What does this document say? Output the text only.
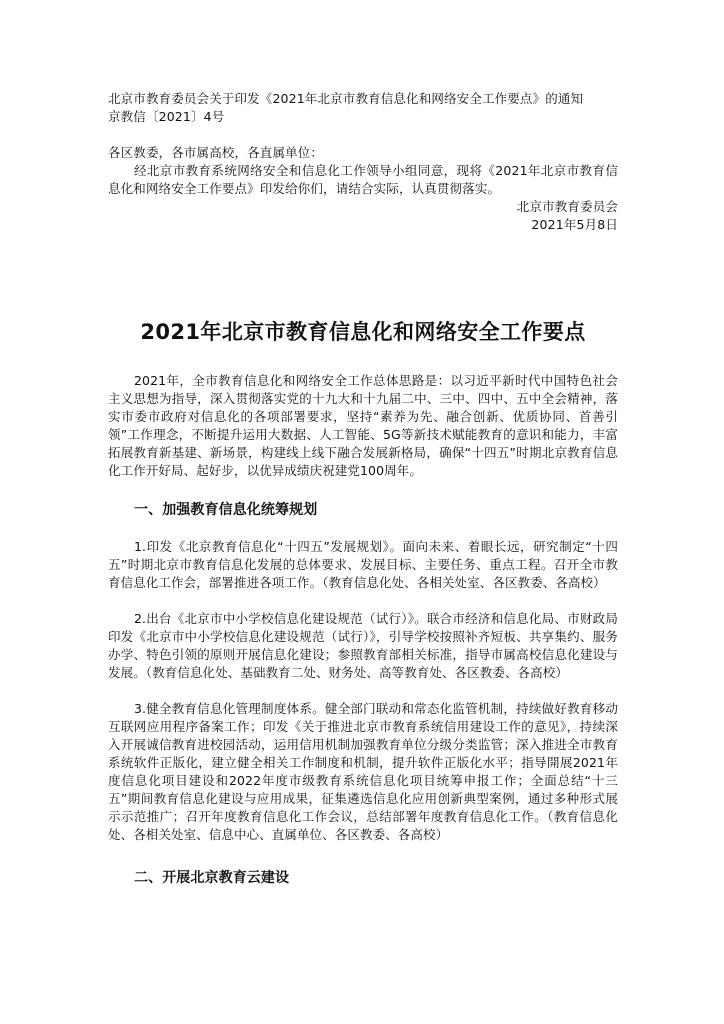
北京市教育委员会关于印发《2021年北京市教育信息化和网络安全工作要点》的通知
京教信〔2021〕4号
各区教委，各市属高校，各直属单位：
经北京市教育系统网络安全和信息化工作领导小组同意，现将《2021年北京市教育信息化和网络安全工作要点》印发给你们，请结合实际，认真贯彻落实。
北京市教育委员会
2021年5月8日
2021年北京市教育信息化和网络安全工作要点

2021年，全市教育信息化和网络安全工作总体思路是：以习近平新时代中国特色社会主义思想为指导，深入贯彻落实党的十九大和十九届二中、三中、四中、五中全会精神，落实市委市政府对信息化的各项部署要求，坚持“素养为先、融合创新、优质协同、首善引领”工作理念，不断提升运用大数据、人工智能、5G等新技术赋能教育的意识和能力，丰富拓展教育新基建、新场景，构建线上线下融合发展新格局，确保“十四五”时期北京教育信息化工作开好局、起好步，以优异成绩庆祝建党100周年。

一、加强教育信息化统筹规划

1.印发《北京教育信息化“十四五”发展规划》。面向未来、着眼长远，研究制定“十四五”时期北京市教育信息化发展的总体要求、发展目标、主要任务、重点工程。召开全市教育信息化工作会，部署推进各项工作。（教育信息化处、各相关处室、各区教委、各高校）

2.出台《北京市中小学校信息化建设规范（试行）》。联合市经济和信息化局、市财政局印发《北京市中小学校信息化建设规范（试行）》，引导学校按照补齐短板、共享集约、服务办学、特色引领的原则开展信息化建设；参照教育部相关标准，指导市属高校信息化建设与发展。（教育信息化处、基础教育二处、财务处、高等教育处、各区教委、各高校）

3.健全教育信息化管理制度体系。健全部门联动和常态化监管机制，持续做好教育移动互联网应用程序备案工作；印发《关于推进北京市教育系统信用建设工作的意见》，持续深入开展诚信教育进校园活动，运用信用机制加强教育单位分级分类监管；深入推进全市教育系统软件正版化，建立健全相关工作制度和机制，提升软件正版化水平；指导開展2021年度信息化项目建设和2022年度市级教育系统信息化项目统筹申报工作；全面总结“十三五”期间教育信息化建设与应用成果，征集遴选信息化应用创新典型案例，通过多种形式展示示范推广；召开年度教育信息化工作会议，总结部署年度教育信息化工作。（教育信息化处、各相关处室、信息中心、直属单位、各区教委、各高校）

二、开展北京教育云建设
